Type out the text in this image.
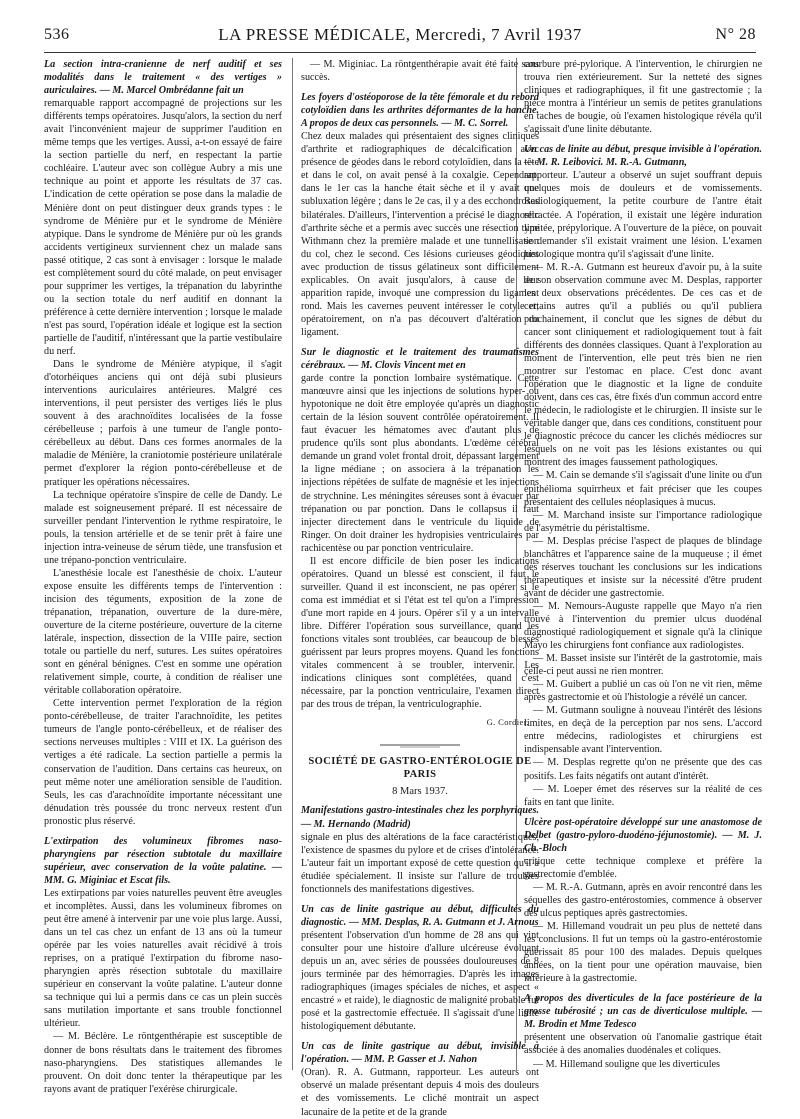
536	LA PRESSE MÉDICALE, Mercredi, 7 Avril 1937	N° 28

La section intra-cranienne de nerf auditif et ses modalités dans le traitement « des vertiges » auriculaires. — M. Marcel Ombrédanne fait un

remarquable rapport accompagné de projections sur les différents temps opératoires. Jusqu'alors, la section du nerf avait l'inconvénient majeur de supprimer l'audition en même temps que les vertiges. Aussi, a-t-on essayé de faire la section partielle du nerf, en respectant la partie cochléaire. L'auteur avec son collègue Aubry a mis une technique au point et apporte les résultats de 37 cas. L'indication de cette opération se pose dans la maladie de Ménière dont on peut distinguer deux grands types : le syndrome de Ménière pur et le syndrome de Ménière atypique. Dans le syndrome de Ménière pur où les grands accidents vertigineux surviennent chez un malade sans passé otitique, 2 cas sont à envisager : lorsque le malade est complètement sourd du côté malade, on peut envisager pour supprimer les vertiges, la trépanation du labyrinthe ou la section totale du nerf auditif en donnant la préférence à cette dernière intervention ; lorsque le malade n'est pas sourd, l'opération idéale et logique est la section partielle de l'auditif, n'intéressant que la partie vestibulaire du nerf.

Dans le syndrome de Ménière atypique, il s'agit d'otorhéiques anciens qui ont déjà subi plusieurs interventions auriculaires antérieures. Malgré ces interventions, il peut persister des vertiges liés le plus souvent à des arachnoïdites localisées de la fosse cérébelleuse ; parfois à une tumeur de l'angle ponto-cérébelleux au début. Dans ces formes anormales de la maladie de Ménière, la craniotomie postérieure unilatérale permet d'explorer la région ponto-cérébelleuse et de pratiquer les opérations nécessaires.

La technique opératoire s'inspire de celle de Dandy. Le malade est soigneusement préparé. Il est nécessaire de surveiller pendant l'intervention le rythme respiratoire, le pouls, la tension artérielle et de se tenir prêt à faire une injection intra-veineuse de sérum tiède, une transfusion et une trépano-ponction ventriculaire.

L'anesthésie locale est l'anesthésie de choix. L'auteur expose ensuite les différents temps de l'intervention : incision des téguments, exposition de la zone de trépanation, trépanation, ouverture de la dure-mère, ouverture de la citerne postérieure, ouverture de la citerne latérale, inspection, dissection de la VIIIe paire, section totale ou partielle du nerf, sutures. Les suites opératoires sont en général bénignes. C'est en somme une opération relativement simple, courte, à condition de réaliser une véritable collaboration opératoire.

Cette intervention permet l'exploration de la région ponto-cérébelleuse, de traiter l'arachnoïdite, les petites tumeurs de l'angle ponto-cérébelleux, et de réaliser des sections nerveuses multiples : VIII et IX. La guérison des vertiges a été radicale. La section partielle a permis la conservation de l'audition. Dans certains cas heureux, on peut même noter une amélioration sensible de l'audition. Seuls, les cas d'arachnoïdite importante nécessitant une dénudation très poussée du tronc nerveux restent d'un pronostic plus réservé.

L'extirpation des volumineux fibromes naso-pharyngiens par résection subtotale du maxillaire supérieur, avec conservation de la voûte palatine. — MM. G. Miginiac et Escat fils.

Les extirpations par voies naturelles peuvent être aveugles et incomplètes. Aussi, dans les volumineux fibromes on peut être amené à intervenir par une voie plus large. Aussi, dans un tel cas chez un enfant de 13 ans où la tumeur opérée par les voies naturelles avait récidivé à trois reprises, on a pratiqué l'extirpation du fibrome naso-pharyngien après résection subtotale du maxillaire supérieur en conservant la voûte palatine. L'auteur donne sa technique qui lui a permis dans ce cas un plein succès sans mutilation importante et sans trouble fonctionnel ultérieur.

— M. Béclère. Le röntgenthérapie est susceptible de donner de bons résultats dans le traitement des fibromes naso-pharyngiens. Des statistiques allemandes le prouvent. On doit donc tenter la thérapeutique par les rayons avant de pratiquer l'exérèse chirurgicale.

— M. Miginiac. La röntgenthérapie avait été faite sans succès.

Les foyers d'ostéoporose de la tête fémorale et du rebord cotyloïdien dans les arthrites déformantes de la hanche. A propos de deux cas personnels. — M. C. Sorrel.

Chez deux malades qui présentaient des signes cliniques d'arthrite et radiographiques de décalcification avec présence de géodes dans le rebord cotyloïdien, dans la tête et dans le col, on avait pensé à la coxalgie. Cependant, dans le 1er cas la hanche était sèche et il y avait une subluxation légère ; dans le 2e cas, il y a des ecchondroses bilatérales. D'ailleurs, l'intervention a précisé le diagnostic d'arthrite sèche et a permis avec succès une résection type Withmann chez la première malade et une tunnellisation du col, chez le second. Ces lésions curieuses géodiques avec production de tissus gélatineux sont difficilement explicables. On avait jusqu'alors, à cause de leur apparition rapide, invoqué une compression du ligament rond. Mais les cavernes peuvent intéresser le cotyle et, opératoirement, on n'a pas découvert d'altération du ligament.

Sur le diagnostic et le traitement des traumatismes cérébraux. — M. Clovis Vincent met en

garde contre la ponction lombaire systématique. Cette manœuvre ainsi que les injections de solutions hyper- ou hypotonique ne doit être employée qu'après un diagnostic certain de la lésion souvent contrôlée opératoirement. Il faut évacuer les hématomes avec d'autant plus de prudence qu'ils sont plus abondants. L'œdème cérébral demande un grand volet frontal droit, dépassant largement la ligne médiane ; on associera à la trépanation les injections répétées de sulfate de magnésie et les injections de strychnine. Les méningites séreuses sont à évacuer par trépanation ou par ponction. Dans le collapsus il faut injecter directement dans le ventricule du liquide de Ringer. On doit drainer les hydropisies ventriculaires par rachicentèse ou par ponction ventriculaire.

Il est encore difficile de bien poser les indications opératoires. Quand un blessé est conscient, il faut le surveiller. Quand il est inconscient, ne pas opérer si le coma est immédiat et si l'état est tel qu'on a l'impression d'une mort rapide en 4 jours. Opérer s'il y a un intervalle libre. Différer l'opération sous surveillance, quand les fonctions vitales sont troublées, car beaucoup de blessés guérissent par leurs propres moyens. Quand les fonctions vitales commencent à se troubler, intervenir. Les indications cliniques sont complétées, quand c'est nécessaire, par la ponction ventriculaire, l'examen direct par des trous de trépan, la ventriculographie.

G. Cordier.

SOCIÉTÉ DE GASTRO-ENTÉROLOGIE DE PARIS

8 Mars 1937.

Manifestations gastro-intestinales chez les porphyriques. — M. Hernando (Madrid)

signale en plus des altérations de la face caractéristiques, l'existence de spasmes du pylore et de crises d'intolérance. L'auteur fait un important exposé de cette question qu'il a étudiée spécialement. Il insiste sur l'allure de troubles fonctionnels des manifestations digestives.

Un cas de linite gastrique au début, difficultés du diagnostic. — MM. Desplas, R. A. Gutmann et J. Arnous

présentent l'observation d'un homme de 28 ans qui vint consulter pour une histoire d'allure ulcéreuse évoluant depuis un an, avec séries de poussées douloureuses de 8 jours terminée par des hémorragies. D'après les images radiographiques (images spéciales de niches, et aspect « encastré » et raide), le diagnostic de malignité probable fut posé et la gastrectomie effectuée. Il s'agissait d'une linite histologiquement débutante.

Un cas de linite gastrique au début, invisible à l'opération. — MM. P. Gasser et J. Nahon

(Oran). R. A. Gutmann, rapporteur. Les auteurs ont observé un malade présentant depuis 4 mois des douleurs et des vomissements. Le cliché montrait un aspect lacunaire de la petite et de la grande

courbure pré-pylorique. A l'intervention, le chirurgien ne trouva rien extérieurement. Sur la netteté des signes cliniques et radiographiques, il fit une gastrectomie ; la pièce montra à l'intérieur un semis de petites granulations en taches de bougie, où l'examen histologique révéla qu'il s'agissait d'une linite débutante.

Un cas de linite au début, presque invisible à l'opération. — M. R. Leibovici. M. R.-A. Gutmann,

rapporteur. L'auteur a observé un sujet souffrant depuis quelques mois de douleurs et de vomissements. Radiologiquement, la petite courbure de l'antre était rétractée. A l'opération, il existait une légère induration limitée, prépylorique. A l'ouverture de la pièce, on pouvait se demander s'il existait vraiment une lésion. L'examen histologique montra qu'il s'agissait d'une linite.

— M. R.-A. Gutmann est heureux d'avoir pu, à la suite de son observation commune avec M. Desplas, rapporter les deux observations précédentes. De ces cas et de certains autres qu'il a publiés ou qu'il publiera prochainement, il conclut que les signes de début du cancer sont cliniquement et radiologiquement tout à fait différents des données classiques. Quant à l'exploration au moment de l'intervention, elle peut très bien ne rien montrer sur l'estomac en place. C'est donc avant l'opération que le diagnostic et la ligne de conduite doivent, dans ces cas, être fixés d'un commun accord entre le médecin, le radiologiste et le chirurgien. Il insiste sur le véritable danger que, dans ces conditions, constituent pour le diagnostic précoce du cancer les clichés médiocres sur lesquels on ne voit pas les lésions existantes ou qui montrent des images faussement pathologiques.

— M. Cain se demande s'il s'agissait d'une linite ou d'un épithélioma squirrheux et fait préciser que les coupes présentaient des cellules néoplasiques à mucus.

— M. Marchand insiste sur l'importance radiologique de l'asymétrie du péristaltisme.

— M. Desplas précise l'aspect de plaques de blindage blanchâtres et l'apparence saine de la muqueuse ; il émet des réserves touchant les conclusions sur les indications thérapeutiques et insiste sur la nécessité d'être prudent avant de décider une gastrectomie.

— M. Nemours-Auguste rappelle que Mayo n'a rien trouvé à l'intervention du premier ulcus duodénal diagnostiqué radiologiquement et signale qu'à la clinique Mayo les chirurgiens font confiance aux radiologistes.

— M. Basset insiste sur l'intérêt de la gastrotomie, mais celle-ci peut aussi ne rien montrer.

— M. Guibert a publié un cas où l'on ne vit rien, même après gastrectomie et où l'histologie a révélé un cancer.

— M. Gutmann souligne à nouveau l'intérêt des lésions limites, en deçà de la perception par nos sens. L'accord entre médecins, radiologistes et chirurgiens est indispensable avant l'intervention.

— M. Desplas regrette qu'on ne présente que des cas positifs. Les faits négatifs ont autant d'intérêt.

— M. Loeper émet des réserves sur la réalité de ces faits en tant que linite.

Ulcère post-opératoire développé sur une anastomose de Delbet (gastro-pyloro-duodéno-jéjunostomie). — M. J. Ch.-Bloch

critique cette technique complexe et préfère la gastrectomie d'emblée.

— M. R.-A. Gutmann, après en avoir rencontré dans les séquelles des gastro-entérostomies, commence à observer des ulcus peptiques après gastrectomies.

— M. Hillemand voudrait un peu plus de netteté dans les conclusions. Il fut un temps où la gastro-entérostomie guérissait 85 pour 100 des malades. Depuis quelques années, on la tient pour une opération mauvaise, bien inférieure à la gastrectomie.

A propos des diverticules de la face postérieure de la grosse tubérosité ; un cas de diverticulose multiple. — M. Brodin et Mme Tedesco

présentent une observation où l'anomalie gastrique était associée à des anomalies duodénales et coliques.

— M. Hillemand souligne que les diverticules
